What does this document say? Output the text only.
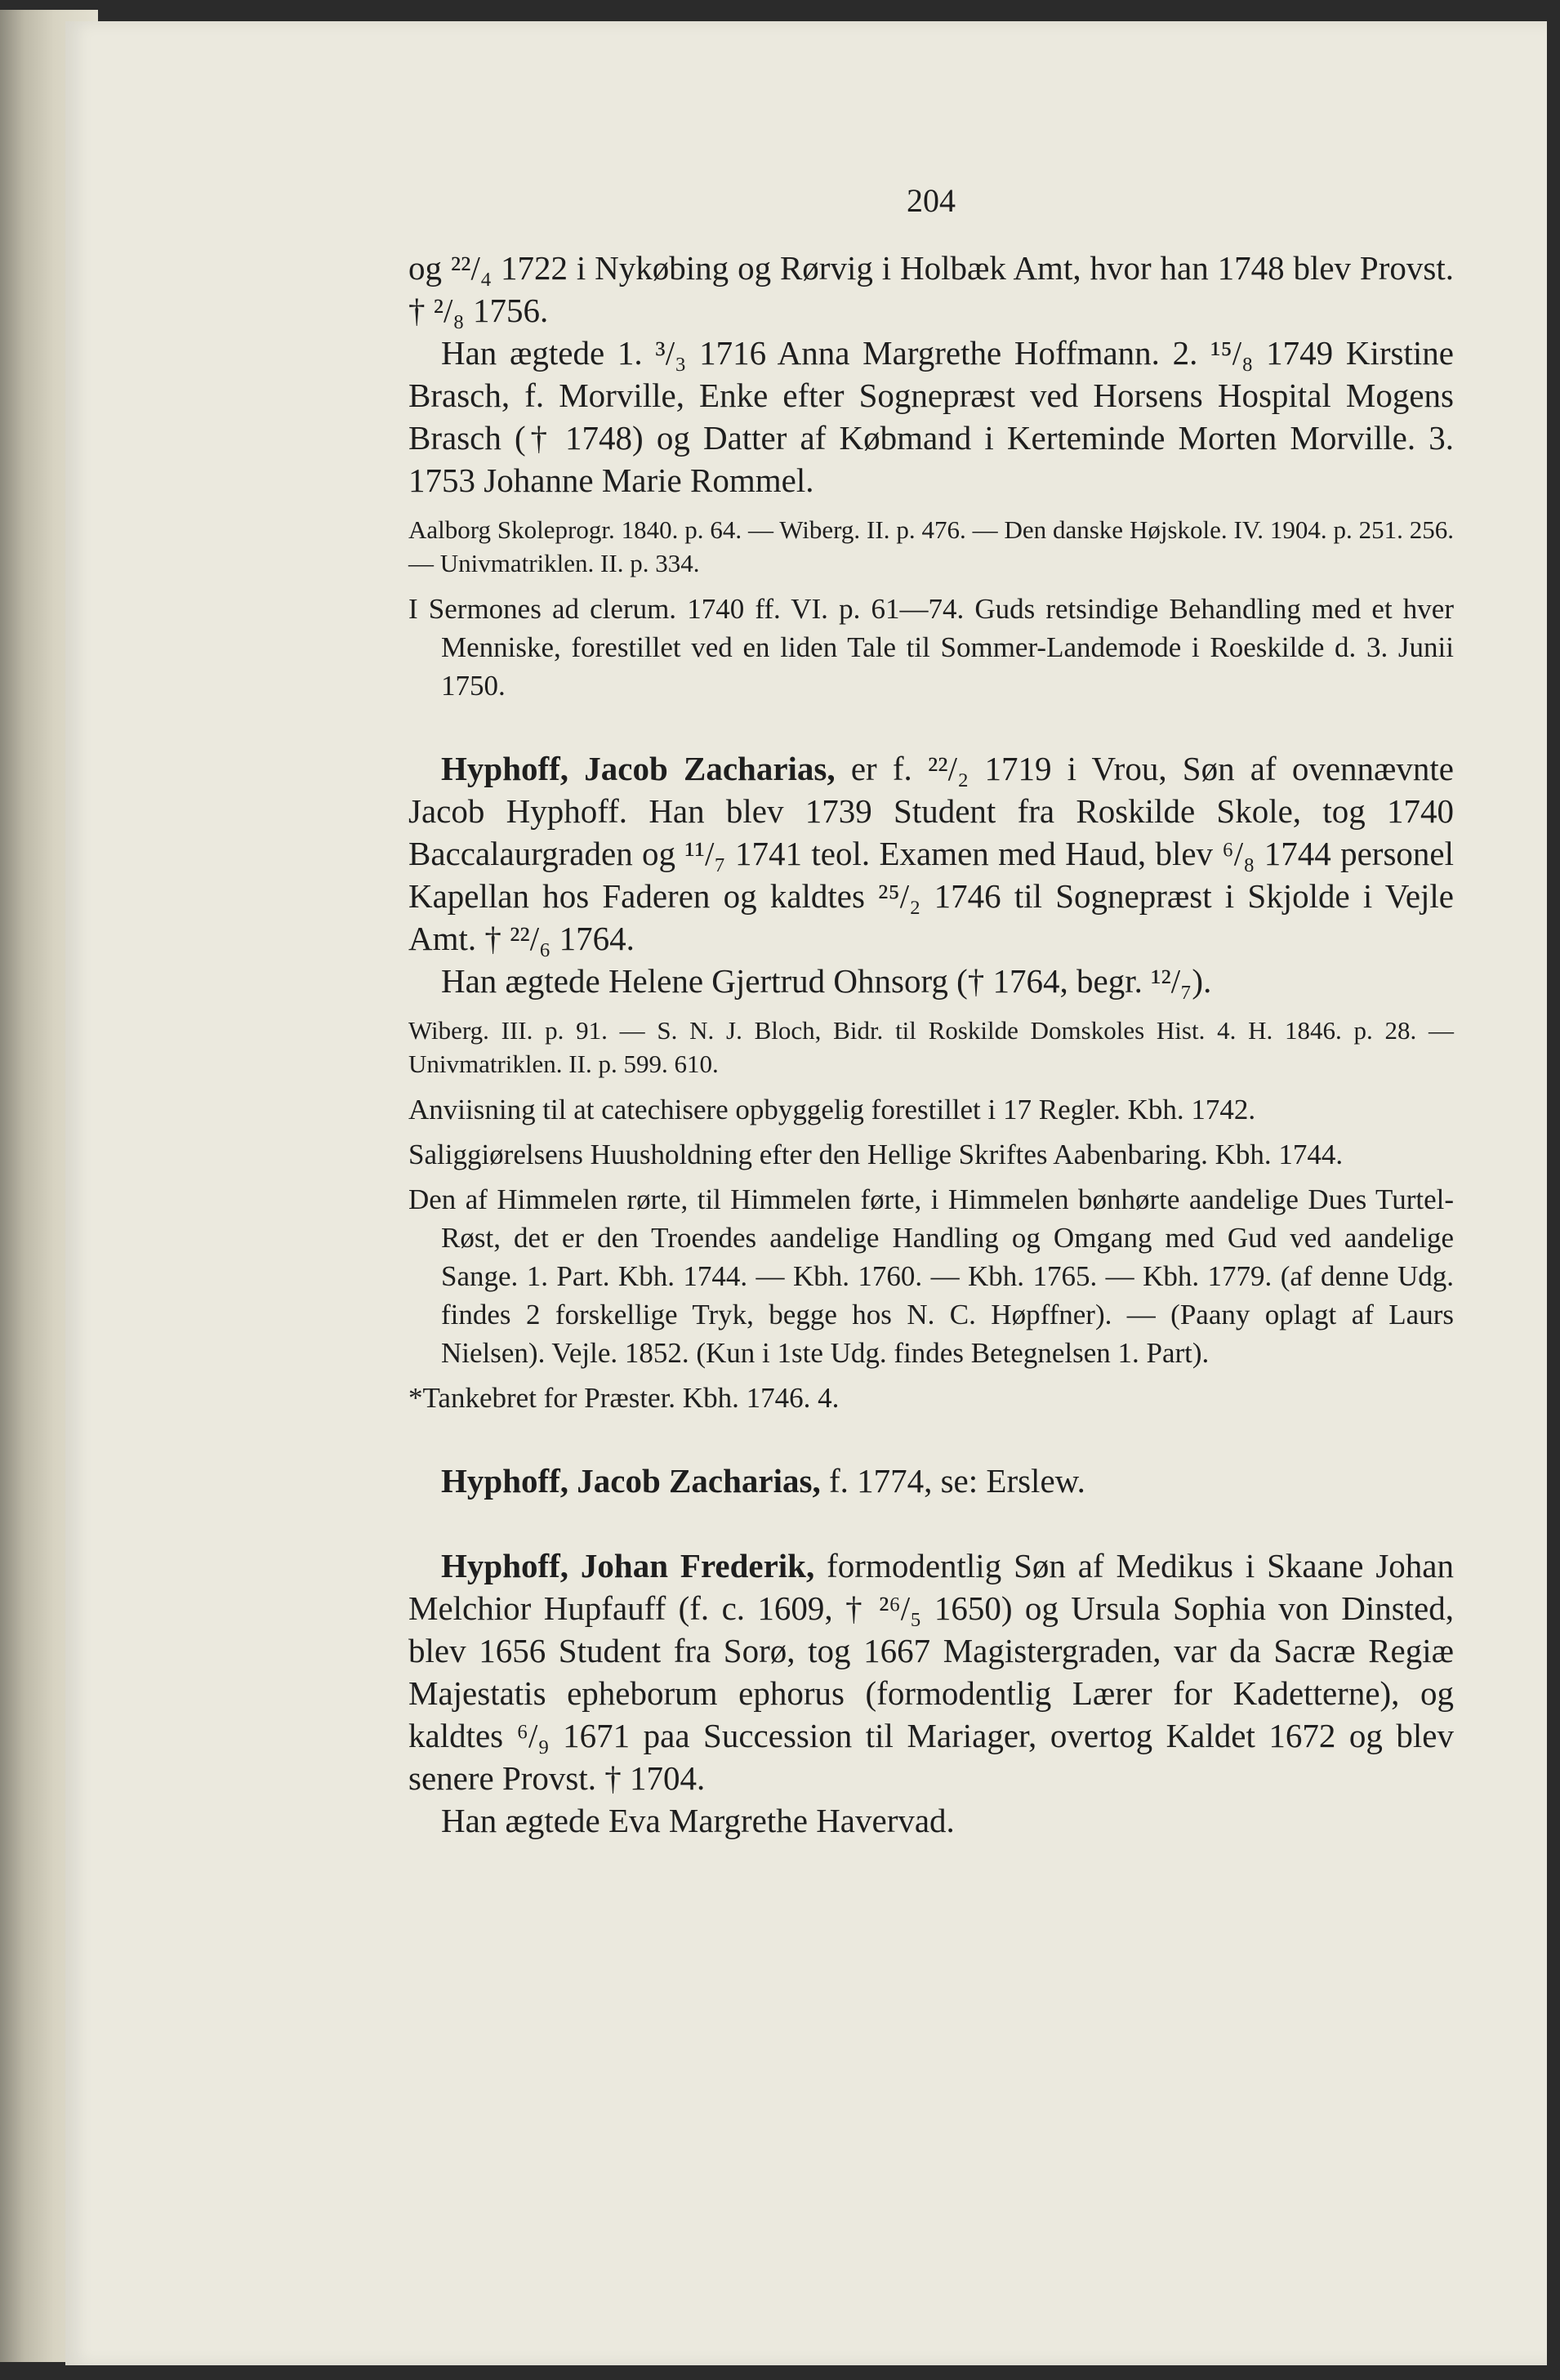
204

og ²²/₄ 1722 i Nykøbing og Rørvig i Holbæk Amt, hvor han 1748 blev Provst. † ²/₈ 1756.

Han ægtede 1. ³/₃ 1716 Anna Margrethe Hoffmann. 2. ¹⁵/₈ 1749 Kirstine Brasch, f. Morville, Enke efter Sognepræst ved Horsens Hospital Mogens Brasch († 1748) og Datter af Købmand i Kerteminde Morten Morville. 3. 1753 Johanne Marie Rommel.

Aalborg Skoleprogr. 1840. p. 64. — Wiberg. II. p. 476. — Den danske Højskole. IV. 1904. p. 251. 256. — Univmatriklen. II. p. 334.

I Sermones ad clerum. 1740 ff. VI. p. 61—74. Guds retsindige Behandling med et hver Menniske, forestillet ved en liden Tale til Sommer-Landemode i Roeskilde d. 3. Junii 1750.

Hyphoff, Jacob Zacharias, er f. ²²/₂ 1719 i Vrou, Søn af ovennævnte Jacob Hyphoff. Han blev 1739 Student fra Roskilde Skole, tog 1740 Baccalaurgraden og ¹¹/₇ 1741 teol. Examen med Haud, blev ⁶/₈ 1744 personel Kapellan hos Faderen og kaldtes ²⁵/₂ 1746 til Sognepræst i Skjolde i Vejle Amt. † ²²/₆ 1764.

Han ægtede Helene Gjertrud Ohnsorg († 1764, begr. ¹²/₇).

Wiberg. III. p. 91. — S. N. J. Bloch, Bidr. til Roskilde Domskoles Hist. 4. H. 1846. p. 28. — Univmatriklen. II. p. 599. 610.

Anviisning til at catechisere opbyggelig forestillet i 17 Regler. Kbh. 1742.

Saliggiørelsens Huusholdning efter den Hellige Skriftes Aabenbaring. Kbh. 1744.

Den af Himmelen rørte, til Himmelen førte, i Himmelen bønhørte aandelige Dues Turtel-Røst, det er den Troendes aandelige Handling og Omgang med Gud ved aandelige Sange. 1. Part. Kbh. 1744. — Kbh. 1760. — Kbh. 1765. — Kbh. 1779. (af denne Udg. findes 2 forskellige Tryk, begge hos N. C. Høpffner). — (Paany oplagt af Laurs Nielsen). Vejle. 1852. (Kun i 1ste Udg. findes Betegnelsen 1. Part).

*Tankebret for Præster. Kbh. 1746. 4.

Hyphoff, Jacob Zacharias, f. 1774, se: Erslew.

Hyphoff, Johan Frederik, formodentlig Søn af Medikus i Skaane Johan Melchior Hupfauff (f. c. 1609, † ²⁶/₅ 1650) og Ursula Sophia von Dinsted, blev 1656 Student fra Sorø, tog 1667 Magistergraden, var da Sacræ Regiæ Majestatis epheborum ephorus (formodentlig Lærer for Kadetterne), og kaldtes ⁶/₉ 1671 paa Succession til Mariager, overtog Kaldet 1672 og blev senere Provst. † 1704.

Han ægtede Eva Margrethe Havervad.
